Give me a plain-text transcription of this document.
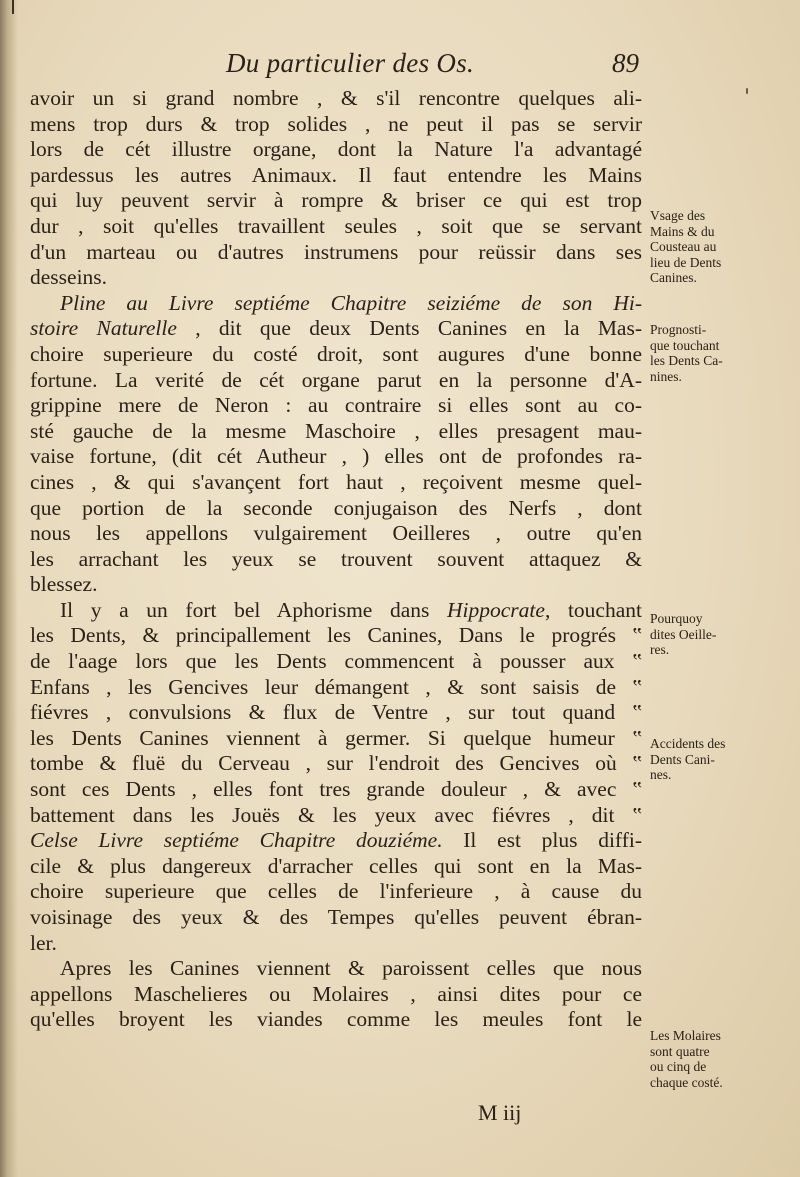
Du particulier des Os.	89
avoir un si grand nombre , & s'il rencontre quelques ali-
mens trop durs & trop solides , ne peut il pas se servir
lors de cét illustre organe, dont la Nature l'a advantagé
pardessus les autres Animaux. Il faut entendre les Mains
qui luy peuvent servir à rompre & briser ce qui est trop
dur , soit qu'elles travaillent seules , soit que se servant
d'un marteau ou d'autres instrumens pour reüssir dans ses
desseins.
Pline au Livre septiéme Chapitre seiziéme de son Hi-
stoire Naturelle , dit que deux Dents Canines en la Mas-
choire superieure du costé droit, sont augures d'une bonne
fortune. La verité de cét organe parut en la personne d'A-
grippine mere de Neron : au contraire si elles sont au co-
sté gauche de la mesme Maschoire , elles presagent mau-
vaise fortune, (dit cét Autheur , ) elles ont de profondes ra-
cines , & qui s'avançent fort haut , reçoivent mesme quel-
que portion de la seconde conjugaison des Nerfs , dont
nous les appellons vulgairement Oeilleres , outre qu'en
les arrachant les yeux se trouvent souvent attaquez &
blessez.
Il y a un fort bel Aphorisme dans Hippocrate, touchant
les Dents, & principallement les Canines, Dans le progrés ‟
de l'aage lors que les Dents commencent à pousser aux ‟
Enfans , les Gencives leur démangent , & sont saisis de ‟
fiévres , convulsions & flux de Ventre , sur tout quand ‟
les Dents Canines viennent à germer. Si quelque humeur ‟
tombe & fluë du Cerveau , sur l'endroit des Gencives où ‟
sont ces Dents , elles font tres grande douleur , & avec ‟
battement dans les Jouës & les yeux avec fiévres , dit ‟
Celse Livre septiéme Chapitre douziéme. Il est plus diffi-
cile & plus dangereux d'arracher celles qui sont en la Mas-
choire superieure que celles de l'inferieure , à cause du
voisinage des yeux & des Tempes qu'elles peuvent ébran-
ler.
Apres les Canines viennent & paroissent celles que nous
appellons Maschelieres ou Molaires , ainsi dites pour ce
qu'elles broyent les viandes comme les meules font le
Vsage des
Mains & du
Cousteau au
lieu de Dents
Canines.
Prognosti-
que touchant
les Dents Ca-
nines.
Pourquoy
dites Oeille-
res.
Accidents des
Dents Cani-
nes.
Les Molaires
sont quatre
ou cinq de
chaque costé.
M iij
